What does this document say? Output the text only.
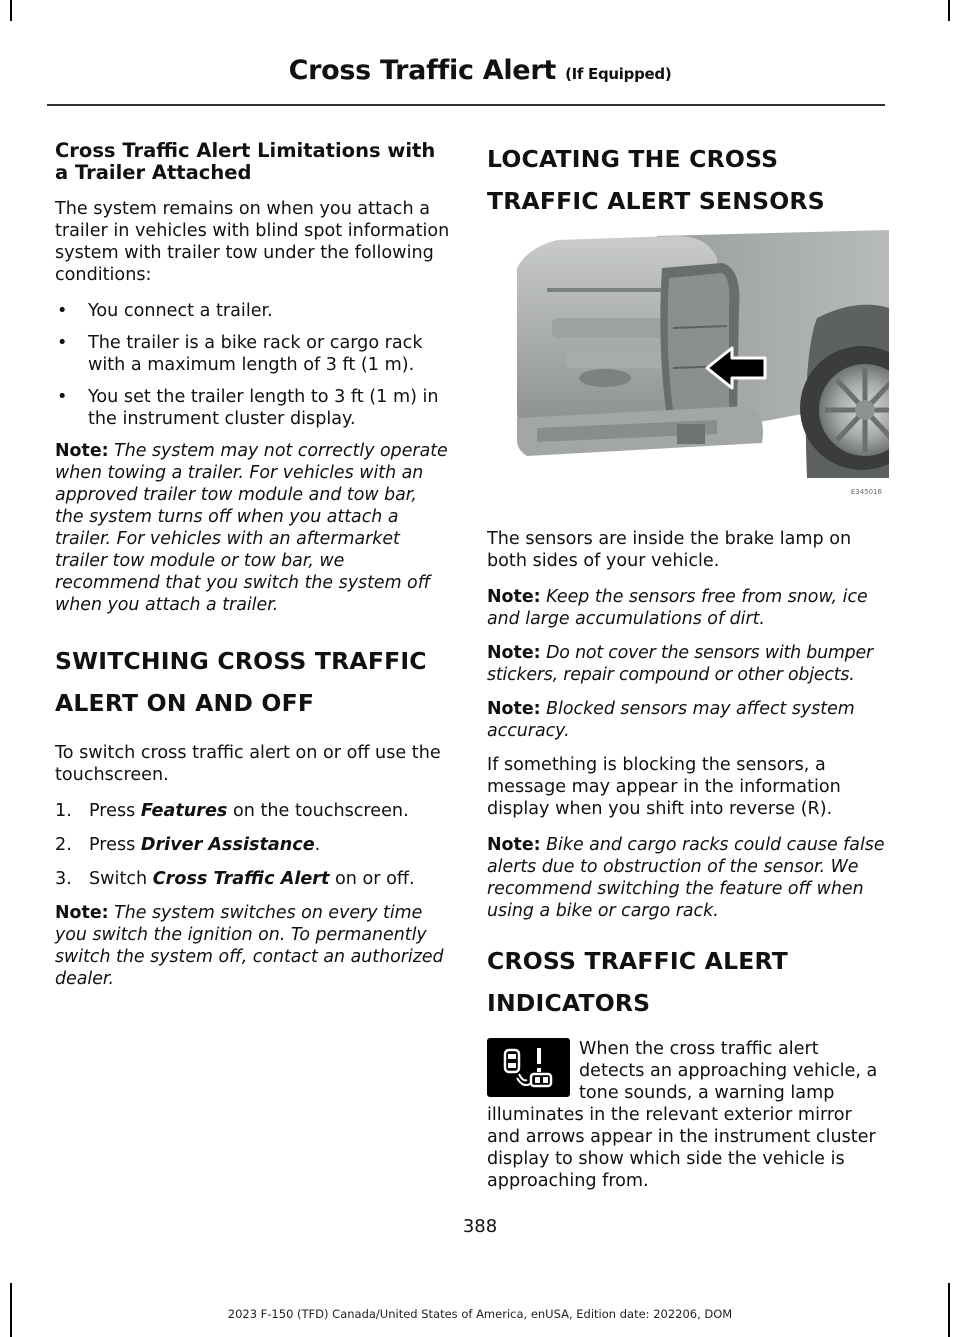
Cross Traffic Alert (If Equipped)
Cross Traffic Alert Limitations with a Trailer Attached

The system remains on when you attach a trailer in vehicles with blind spot information system with trailer tow under the following conditions:

• You connect a trailer.
• The trailer is a bike rack or cargo rack with a maximum length of 3 ft (1 m).
• You set the trailer length to 3 ft (1 m) in the instrument cluster display.

Note: The system may not correctly operate when towing a trailer. For vehicles with an approved trailer tow module and tow bar, the system turns off when you attach a trailer. For vehicles with an aftermarket trailer tow module or tow bar, we recommend that you switch the system off when you attach a trailer.

SWITCHING CROSS TRAFFIC ALERT ON AND OFF

To switch cross traffic alert on or off use the touchscreen.

1. Press Features on the touchscreen.
2. Press Driver Assistance.
3. Switch Cross Traffic Alert on or off.

Note: The system switches on every time you switch the ignition on. To permanently switch the system off, contact an authorized dealer.

LOCATING THE CROSS TRAFFIC ALERT SENSORS
E345016

The sensors are inside the brake lamp on both sides of your vehicle.

Note: Keep the sensors free from snow, ice and large accumulations of dirt.

Note: Do not cover the sensors with bumper stickers, repair compound or other objects.

Note: Blocked sensors may affect system accuracy.

If something is blocking the sensors, a message may appear in the information display when you shift into reverse (R).

Note: Bike and cargo racks could cause false alerts due to obstruction of the sensor. We recommend switching the feature off when using a bike or cargo rack.

CROSS TRAFFIC ALERT INDICATORS

When the cross traffic alert detects an approaching vehicle, a tone sounds, a warning lamp illuminates in the relevant exterior mirror and arrows appear in the instrument cluster display to show which side the vehicle is approaching from.

388
2023 F-150 (TFD) Canada/United States of America, enUSA, Edition date: 202206, DOM
